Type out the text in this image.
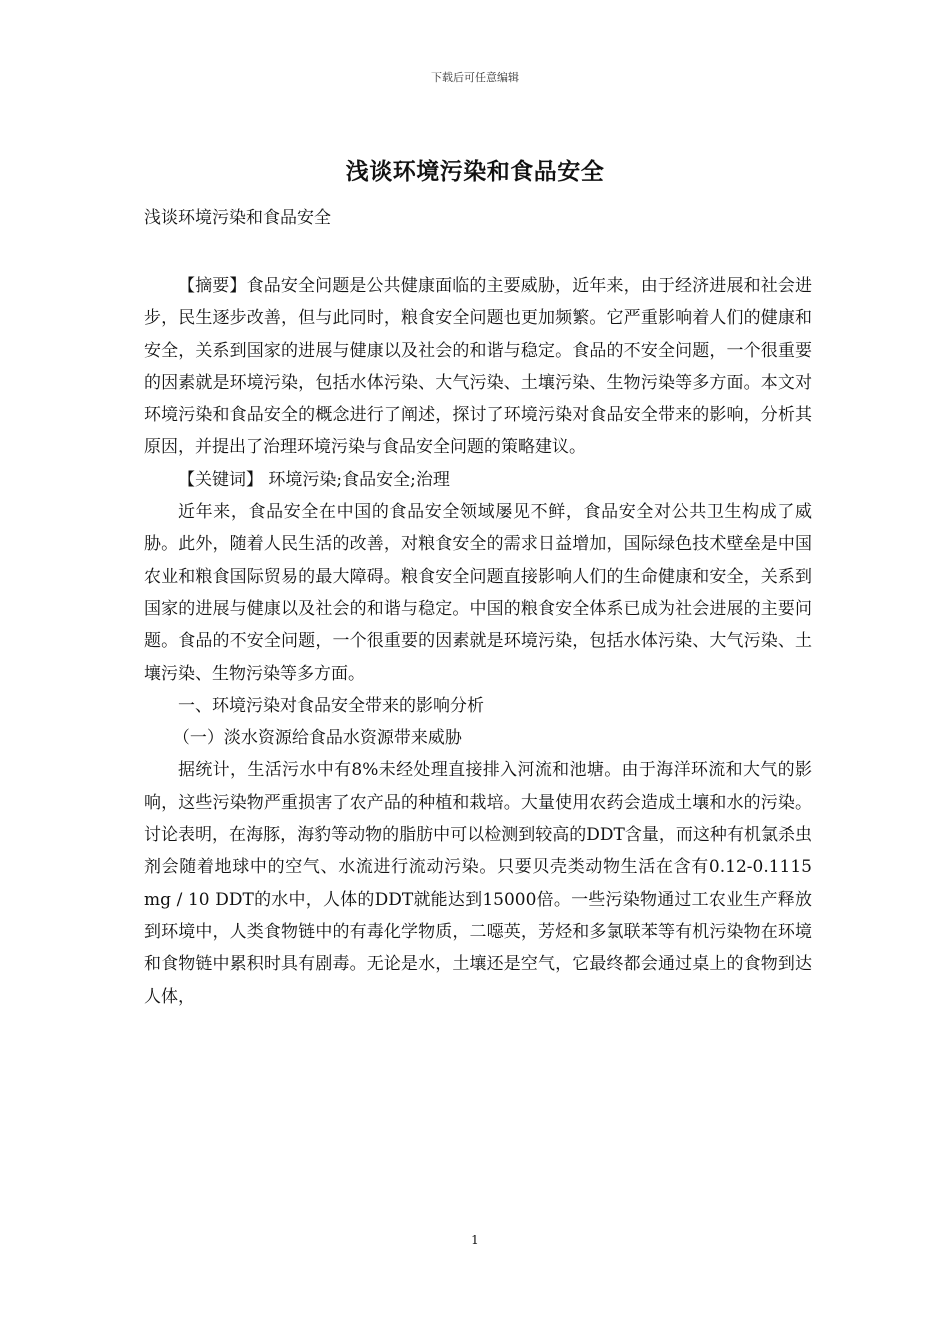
下载后可任意编辑
浅谈环境污染和食品安全
浅谈环境污染和食品安全

【摘要】食品安全问题是公共健康面临的主要威胁，近年来，由于经济进展和社会进步，民生逐步改善，但与此同时，粮食安全问题也更加频繁。它严重影响着人们的健康和安全，关系到国家的进展与健康以及社会的和谐与稳定。食品的不安全问题，一个很重要的因素就是环境污染，包括水体污染、大气污染、土壤污染、生物污染等多方面。本文对环境污染和食品安全的概念进行了阐述，探讨了环境污染对食品安全带来的影响，分析其原因，并提出了治理环境污染与食品安全问题的策略建议。

【关键词】 环境污染;食品安全;治理

近年来，食品安全在中国的食品安全领域屡见不鲜，食品安全对公共卫生构成了威胁。此外，随着人民生活的改善，对粮食安全的需求日益增加，国际绿色技术壁垒是中国农业和粮食国际贸易的最大障碍。粮食安全问题直接影响人们的生命健康和安全，关系到国家的进展与健康以及社会的和谐与稳定。中国的粮食安全体系已成为社会进展的主要问题。食品的不安全问题，一个很重要的因素就是环境污染，包括水体污染、大气污染、土壤污染、生物污染等多方面。

一、环境污染对食品安全带来的影响分析

（一）淡水资源给食品水资源带来威胁

据统计，生活污水中有8%未经处理直接排入河流和池塘。由于海洋环流和大气的影响，这些污染物严重损害了农产品的种植和栽培。大量使用农药会造成土壤和水的污染。讨论表明，在海豚，海豹等动物的脂肪中可以检测到较高的DDT含量，而这种有机氯杀虫剂会随着地球中的空气、水流进行流动污染。只要贝壳类动物生活在含有0.12-0.1115 mg / 10 DDT的水中，人体的DDT就能达到15000倍。一些污染物通过工农业生产释放到环境中，人类食物链中的有毒化学物质，二噁英，芳烃和多氯联苯等有机污染物在环境和食物链中累积时具有剧毒。无论是水，土壤还是空气，它最终都会通过桌上的食物到达人体，

1
